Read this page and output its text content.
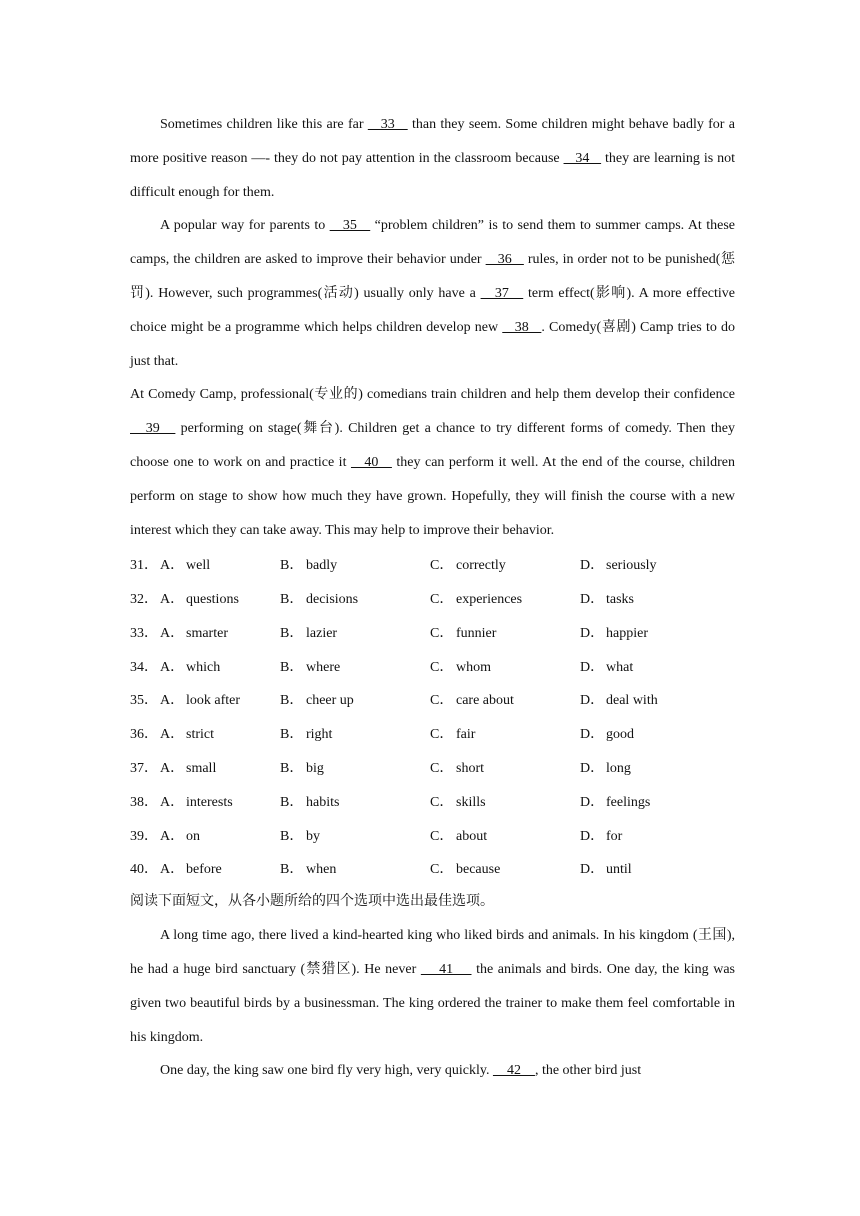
Sometimes children like this are far    33    than they seem. Some children might behave badly for a more positive reason —- they do not pay attention in the classroom because    34    they are learning is not difficult enough for them.

A popular way for parents to    35    “problem children” is to send them to summer camps. At these camps, the children are asked to improve their behavior under    36    rules, in order not to be punished(惩罚). However, such programmes(活动) usually only have a    37    term effect(影响). A more effective choice might be a programme which helps children develop new    38   . Comedy(喜剧) Camp tries to do just that.

At Comedy Camp, professional(专业的) comedians train children and help them develop their confidence    39    performing on stage(舞台). Children get a chance to try different forms of comedy. Then they choose one to work on and practice it    40    they can perform it well. At the end of the course, children perform on stage to show how much they have grown. Hopefully, they will finish the course with a new interest which they can take away. This may help to improve their behavior.

31． A． well	B． badly	C． correctly	D． seriously
32． A． questions	B． decisions	C． experiences	D． tasks
33． A． smarter	B． lazier	C． funnier	D． happier
34． A． which	B． where	C． whom	D． what
35． A． look after	B． cheer up	C． care about	D． deal with
36． A． strict	B． right	C． fair	D． good
37． A． small	B． big	C． short	D． long
38． A． interests	B． habits	C． skills	D． feelings
39． A． on	B． by	C． about	D． for
40． A． before	B． when	C． because	D． until

阅读下面短文，从各小题所给的四个选项中选出最佳选项。

A long time ago, there lived a kind-hearted king who liked birds and animals. In his kingdom (王国), he had a huge bird sanctuary (禁猎区). He never     41     the animals and birds. One day, the king was given two beautiful birds by a businessman. The king ordered the trainer to make them feel comfortable in his kingdom.

One day, the king saw one bird fly very high, very quickly.     42    , the other bird just
